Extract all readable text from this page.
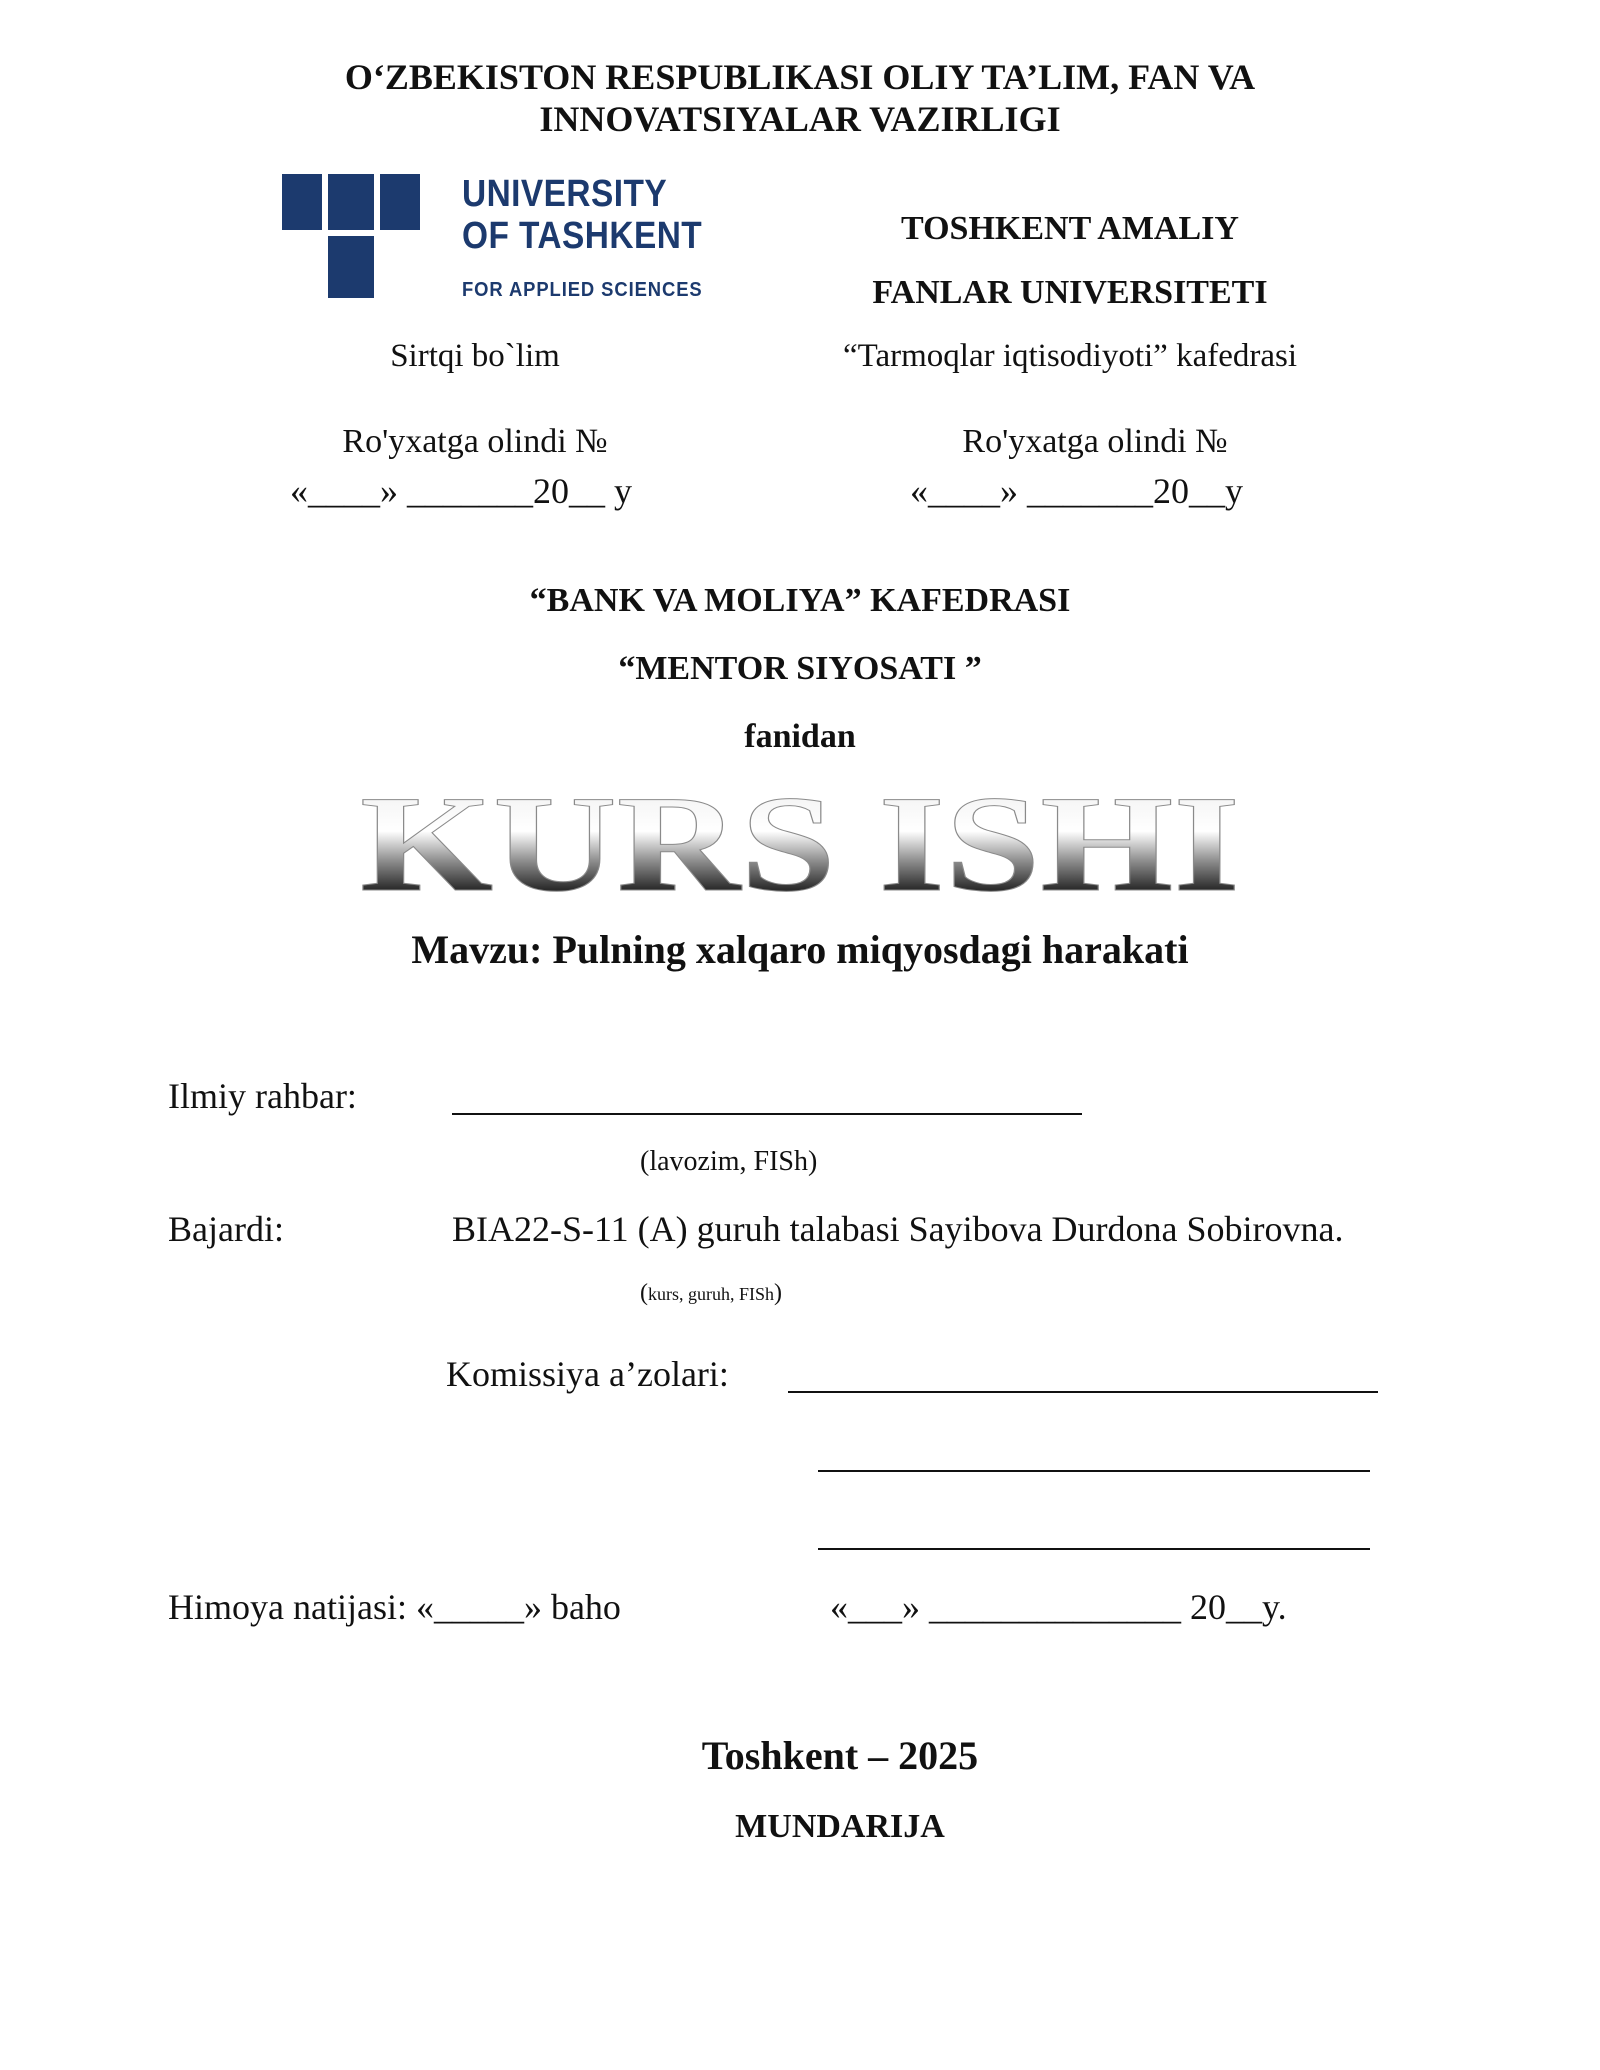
O‘ZBEKISTON RESPUBLIKASI OLIY TA’LIM, FAN VA
INNOVATSIYALAR VAZIRLIGI
UNIVERSITY
OF TASHKENT
FOR APPLIED SCIENCES
TOSHKENT AMALIY
FANLAR UNIVERSITETI
Sirtqi bo`lim	“Tarmoqlar iqtisodiyoti” kafedrasi
Ro'yxatga olindi №	Ro'yxatga olindi №
«____» _______20__ y	«____» _______20__y
“BANK VA MOLIYA” KAFEDRASI
“MENTOR SIYOSATI ”
fanidan
KURS ISHI
Mavzu: Pulning xalqaro miqyosdagi harakati
Ilmiy rahbar:
(lavozim, FISh)
Bajardi:	BIA22-S-11 (A) guruh talabasi Sayibova Durdona Sobirovna.
(kurs, guruh, FISh)
Komissiya a’zolari:
Himoya natijasi: «_____» baho	«___» ______________ 20__y.
Toshkent – 2025
MUNDARIJA
